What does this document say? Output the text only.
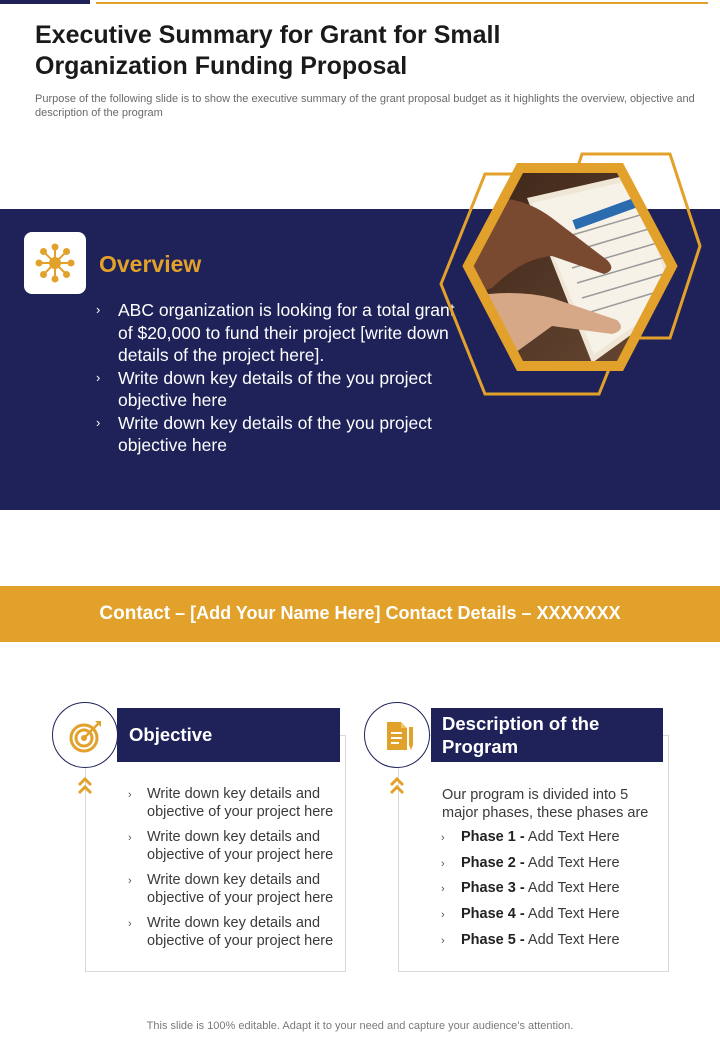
Executive Summary for Grant for Small Organization Funding Proposal

Purpose of the following slide is to show the executive summary of the grant proposal budget as it highlights the overview, objective and description of the program

Overview
› ABC organization is looking for a total grant of $20,000 to fund their project [write down details of the project here].
› Write down key details of the you project objective here
› Write down key details of the you project objective here
Contact – [Add Your Name Here] Contact Details – XXXXXXX
Objective
› Write down key details and objective of your project here
› Write down key details and objective of your project here
› Write down key details and objective of your project here
› Write down key details and objective of your project here
Description of the Program

Our program is divided into 5 major phases, these phases are

› Phase 1 - Add Text Here
› Phase 2 - Add Text Here
› Phase 3 - Add Text Here
› Phase 4 - Add Text Here
› Phase 5 - Add Text Here
This slide is 100% editable. Adapt it to your need and capture your audience’s attention.
